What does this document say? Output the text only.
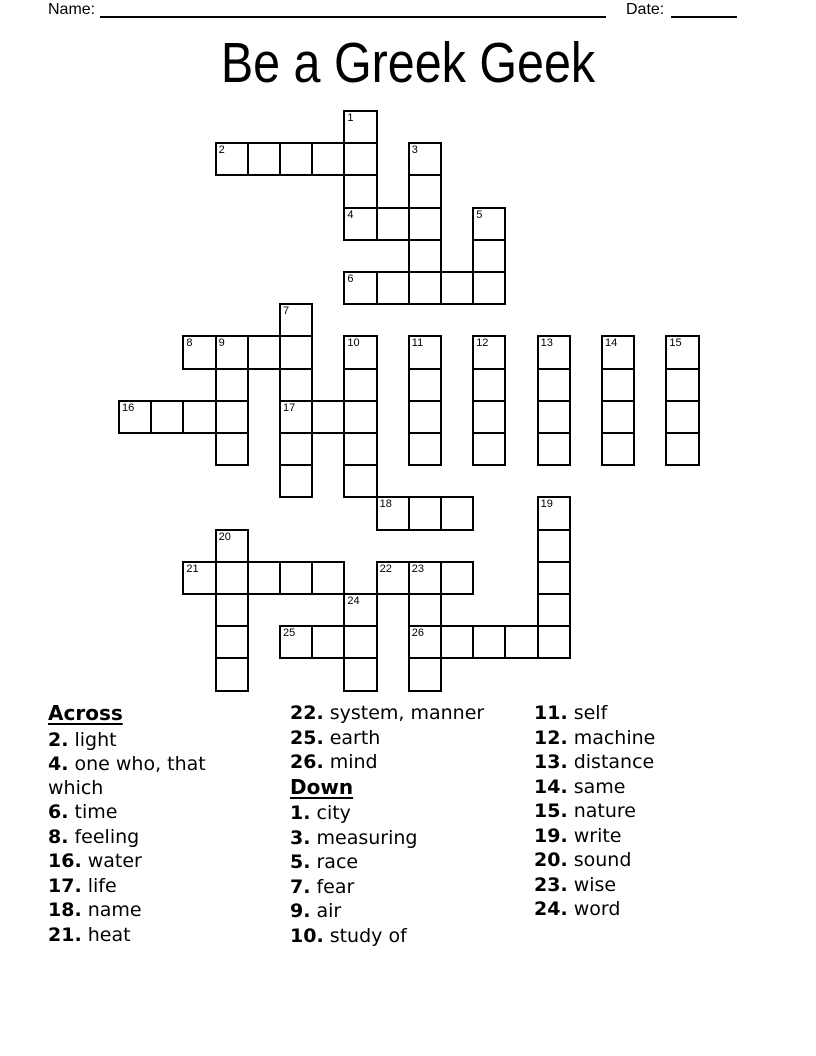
Name:	Date:
Be a Greek Geek
1
2	3
4	5
6
7
8 9	10	11	12	13	14	15
16	17
18	19
20
21	22 23
24
25	26
Across

2. light

4. one who, that which

6. time

8. feeling

16. water

17. life

18. name

21. heat

22. system, manner

25. earth

26. mind

Down

1. city

3. measuring

5. race

7. fear

9. air

10. study of

11. self

12. machine

13. distance

14. same

15. nature

19. write

20. sound

23. wise

24. word
